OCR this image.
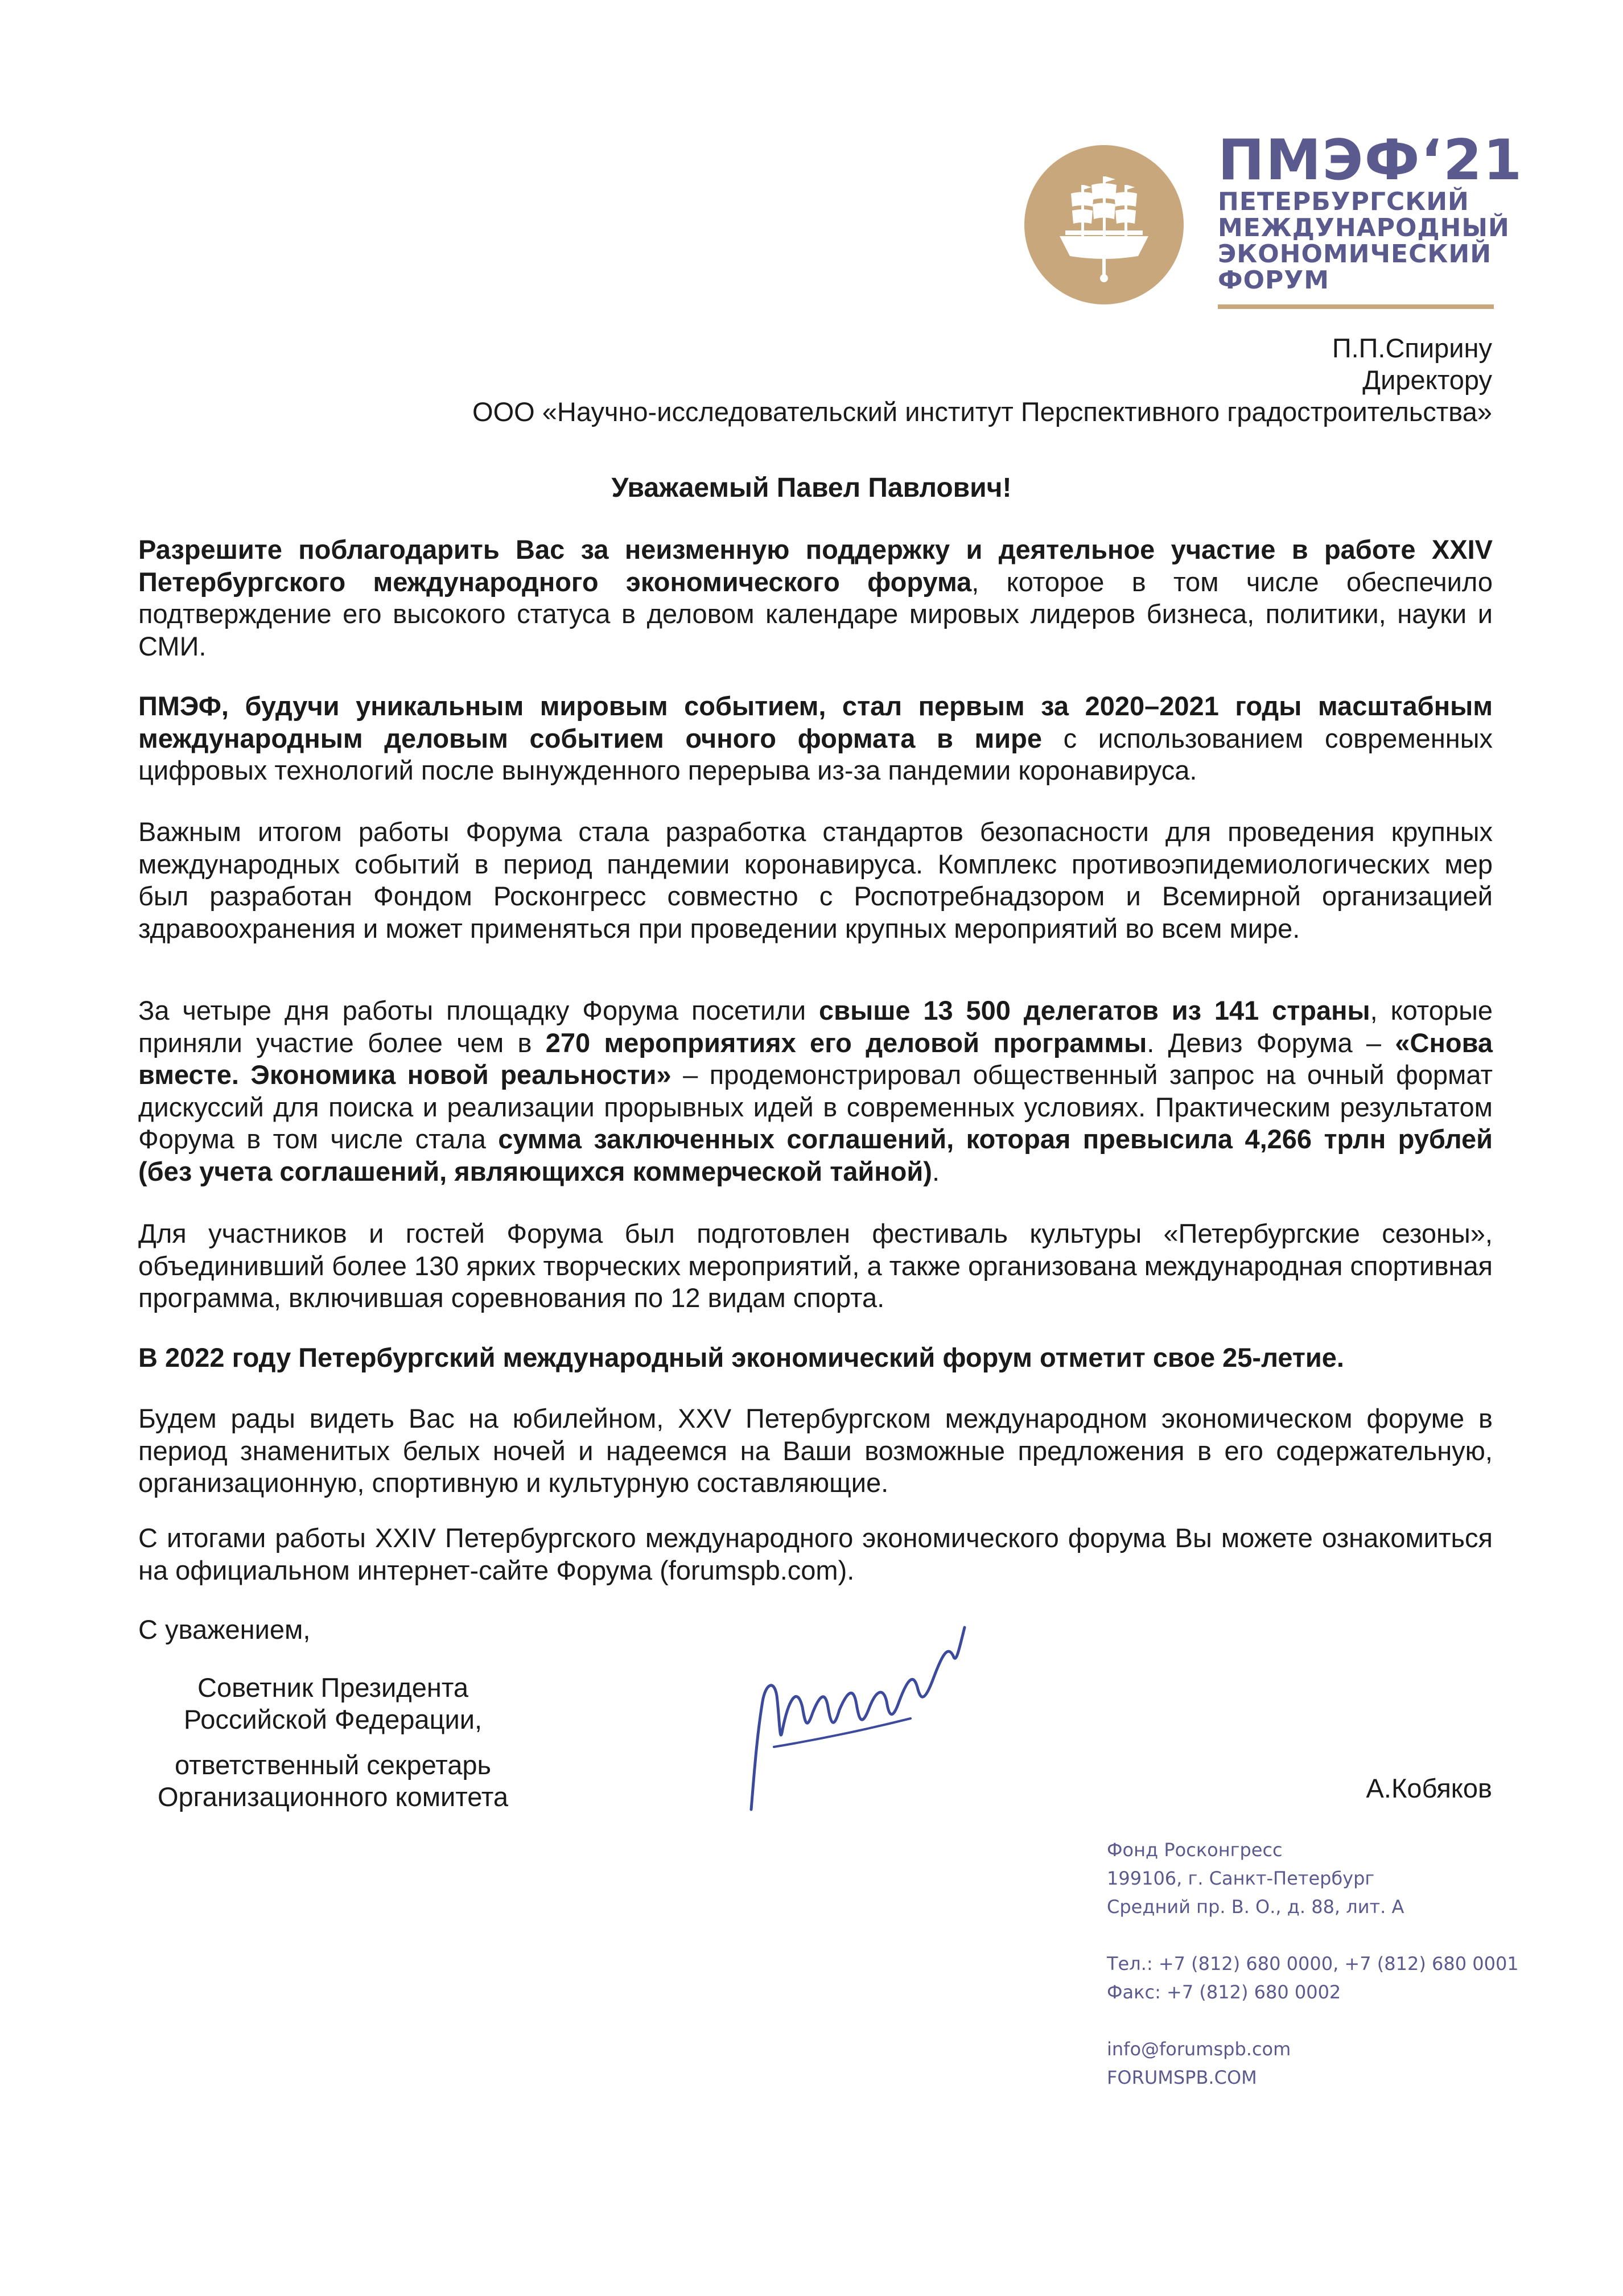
ПМЭФ‘21
ПЕТЕРБУРГСКИЙ
МЕЖДУНАРОДНЫЙ
ЭКОНОМИЧЕСКИЙ
ФОРУМ
П.П.Спирину
Директору
ООО «Научно-исследовательский институт Перспективного градостроительства»
Уважаемый Павел Павлович!
Разрешите поблагодарить Вас за неизменную поддержку и деятельное участие в работе XXIV Петербургского международного экономического форума, которое в том числе обеспечило подтверждение его высокого статуса в деловом календаре мировых лидеров бизнеса, политики, науки и СМИ.
ПМЭФ, будучи уникальным мировым событием, стал первым за 2020–2021 годы масштабным международным деловым событием очного формата в мире с использованием современных цифровых технологий после вынужденного перерыва из-за пандемии коронавируса.
Важным итогом работы Форума стала разработка стандартов безопасности для проведения крупных международных событий в период пандемии коронавируса. Комплекс противоэпидемиологических мер был разработан Фондом Росконгресс совместно с Роспотребнадзором и Всемирной организацией здравоохранения и может применяться при проведении крупных мероприятий во всем мире.
За четыре дня работы площадку Форума посетили свыше 13 500 делегатов из 141 страны, которые приняли участие более чем в 270 мероприятиях его деловой программы. Девиз Форума – «Снова вместе. Экономика новой реальности» – продемонстрировал общественный запрос на очный формат дискуссий для поиска и реализации прорывных идей в современных условиях. Практическим результатом Форума в том числе стала сумма заключенных соглашений, которая превысила 4,266 трлн рублей (без учета соглашений, являющихся коммерческой тайной).
Для участников и гостей Форума был подготовлен фестиваль культуры «Петербургские сезоны», объединивший более 130 ярких творческих мероприятий, а также организована международная спортивная программа, включившая соревнования по 12 видам спорта.
В 2022 году Петербургский международный экономический форум отметит свое 25-летие.
Будем рады видеть Вас на юбилейном, XXV Петербургском международном экономическом форуме в период знаменитых белых ночей и надеемся на Ваши возможные предложения в его содержательную, организационную, спортивную и культурную составляющие.
С итогами работы XXIV Петербургского международного экономического форума Вы можете ознакомиться на официальном интернет-сайте Форума (forumspb.com).
С уважением,
Советник Президента
Российской Федерации,
ответственный секретарь
Организационного комитета	А.Кобяков
Фонд Росконгресс
199106, г. Санкт-Петербург
Средний пр. В. О., д. 88, лит. А
Тел.: +7 (812) 680 0000, +7 (812) 680 0001
Факс: +7 (812) 680 0002
info@forumspb.com
FORUMSPB.COM
